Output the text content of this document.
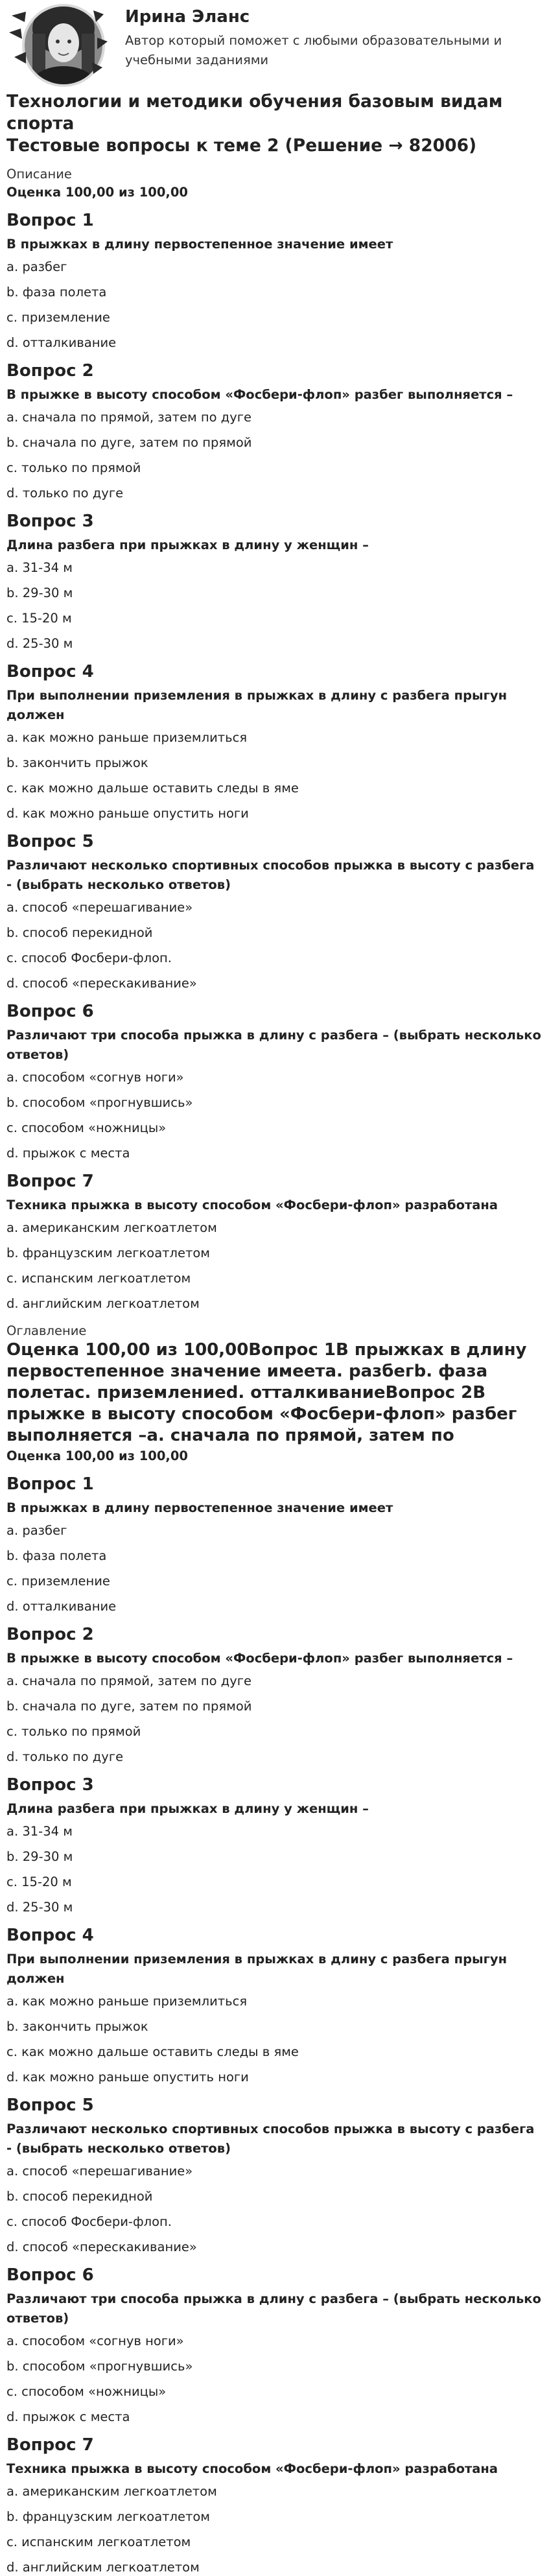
Ирина Эланс
Автор который поможет с любыми образовательными и учебными заданиями
Технологии и методики обучения базовым видам спорта
Тестовые вопросы к теме 2 (Решение → 82006)
Описание
Оценка 100,00 из 100,00
Вопрос 1
В прыжках в длину первостепенное значение имеет
a. разбег
b. фаза полета
c. приземление
d. отталкивание
Вопрос 2
В прыжке в высоту способом «Фосбери-флоп» разбег выполняется –
a. сначала по прямой, затем по дуге
b. сначала по дуге, затем по прямой
c. только по прямой
d. только по дуге
Вопрос 3
Длина разбега при прыжках в длину у женщин –
a. 31-34 м
b. 29-30 м
c. 15-20 м
d. 25-30 м
Вопрос 4
При выполнении приземления в прыжках в длину с разбега прыгун должен
a. как можно раньше приземлиться
b. закончить прыжок
c. как можно дальше оставить следы в яме
d. как можно раньше опустить ноги
Вопрос 5
Различают несколько спортивных способов прыжка в высоту с разбега - (выбрать несколько ответов)
a. способ «перешагивание»
b. способ перекидной
c. способ Фосбери-флоп.
d. способ «перескакивание»
Вопрос 6
Различают три способа прыжка в длину с разбега – (выбрать несколько ответов)
a. способом «согнув ноги»
b. способом «прогнувшись»
c. способом «ножницы»
d. прыжок с места
Вопрос 7
Техника прыжка в высоту способом «Фосбери-флоп» разработана
a. американским легкоатлетом
b. французским легкоатлетом
c. испанским легкоатлетом
d. английским легкоатлетом
Оглавление
Оценка 100,00 из 100,00Вопрос 1В прыжках в длину первостепенное значение имеета. разбегb. фаза полетаc. приземлениеd. отталкиваниеВопрос 2В прыжке в высоту способом «Фосбери-флоп» разбег выполняется –a. сначала по прямой, затем по
Оценка 100,00 из 100,00
Вопрос 1
В прыжках в длину первостепенное значение имеет
a. разбег
b. фаза полета
c. приземление
d. отталкивание
Вопрос 2
В прыжке в высоту способом «Фосбери-флоп» разбег выполняется –
a. сначала по прямой, затем по дуге
b. сначала по дуге, затем по прямой
c. только по прямой
d. только по дуге
Вопрос 3
Длина разбега при прыжках в длину у женщин –
a. 31-34 м
b. 29-30 м
c. 15-20 м
d. 25-30 м
Вопрос 4
При выполнении приземления в прыжках в длину с разбега прыгун должен
a. как можно раньше приземлиться
b. закончить прыжок
c. как можно дальше оставить следы в яме
d. как можно раньше опустить ноги
Вопрос 5
Различают несколько спортивных способов прыжка в высоту с разбега - (выбрать несколько ответов)
a. способ «перешагивание»
b. способ перекидной
c. способ Фосбери-флоп.
d. способ «перескакивание»
Вопрос 6
Различают три способа прыжка в длину с разбега – (выбрать несколько ответов)
a. способом «согнув ноги»
b. способом «прогнувшись»
c. способом «ножницы»
d. прыжок с места
Вопрос 7
Техника прыжка в высоту способом «Фосбери-флоп» разработана
a. американским легкоатлетом
b. французским легкоатлетом
c. испанским легкоатлетом
d. английским легкоатлетом
